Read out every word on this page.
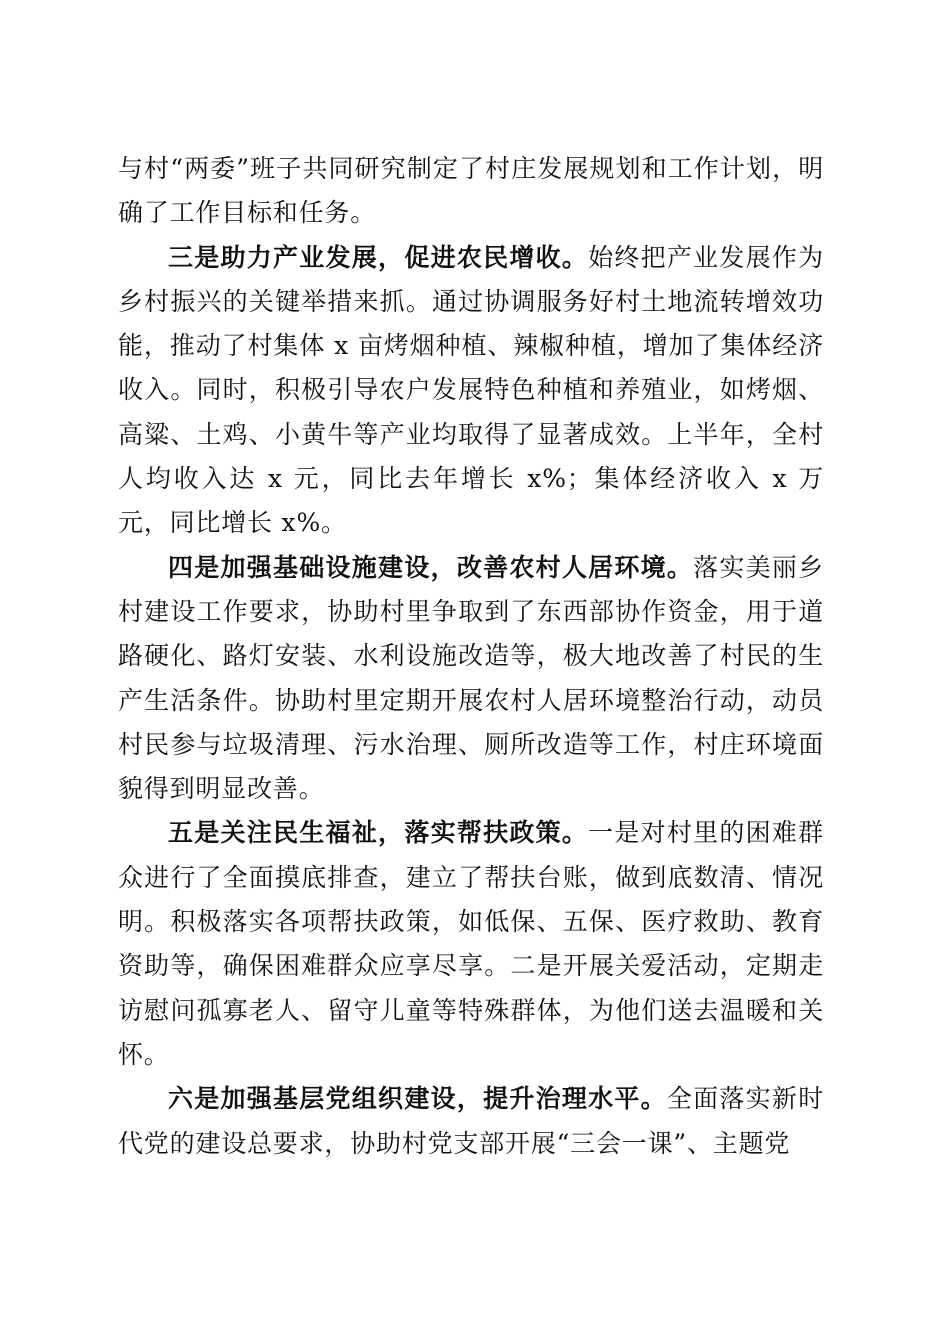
与村“两委”班子共同研究制定了村庄发展规划和工作计划，明确了工作目标和任务。

三是助力产业发展，促进农民增收。始终把产业发展作为乡村振兴的关键举措来抓。通过协调服务好村土地流转增效功能，推动了村集体 x 亩烤烟种植、辣椒种植，增加了集体经济收入。同时，积极引导农户发展特色种植和养殖业，如烤烟、高粱、土鸡、小黄牛等产业均取得了显著成效。上半年，全村人均收入达 x 元，同比去年增长 x%；集体经济收入 x 万元，同比增长 x%。

四是加强基础设施建设，改善农村人居环境。落实美丽乡村建设工作要求，协助村里争取到了东西部协作资金，用于道路硬化、路灯安装、水利设施改造等，极大地改善了村民的生产生活条件。协助村里定期开展农村人居环境整治行动，动员村民参与垃圾清理、污水治理、厕所改造等工作，村庄环境面貌得到明显改善。

五是关注民生福祉，落实帮扶政策。一是对村里的困难群众进行了全面摸底排查，建立了帮扶台账，做到底数清、情况明。积极落实各项帮扶政策，如低保、五保、医疗救助、教育资助等，确保困难群众应享尽享。二是开展关爱活动，定期走访慰问孤寡老人、留守儿童等特殊群体，为他们送去温暖和关怀。

六是加强基层党组织建设，提升治理水平。全面落实新时代党的建设总要求，协助村党支部开展“三会一课”、主题党
